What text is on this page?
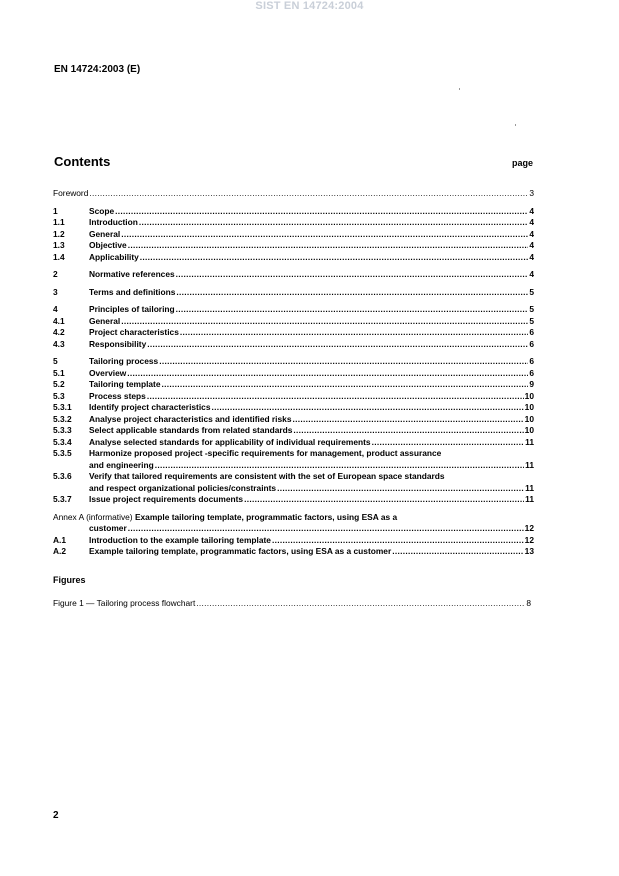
SIST EN 14724:2004
EN 14724:2003 (E)
Contents	page
Foreword .....	3
1	Scope .....	4
1.1	Introduction .....	4
1.2	General .....	4
1.3	Objective .....	4
1.4	Applicability .....	4
2	Normative references .....	4
3	Terms and definitions .....	5
4	Principles of tailoring .....	5
4.1	General .....	5
4.2	Project characteristics .....	6
4.3	Responsibility .....	6
5	Tailoring process .....	6
5.1	Overview .....	6
5.2	Tailoring template .....	9
5.3	Process steps .....	10
5.3.1 Identify project characteristics .....	10
5.3.2 Analyse project characteristics and identified risks .....	10
5.3.3 Select applicable standards from related standards .....	10
5.3.4 Analyse selected standards for applicability of individual requirements .....	11
5.3.5 Harmonize proposed project -specific requirements for management, product assurance
and engineering .....	11
5.3.6 Verify that tailored requirements are consistent with the set of European space standards
and respect organizational policies/constraints .....	11
5.3.7 Issue project requirements documents .....	11
Annex A (informative) Example tailoring template, programmatic factors, using ESA as a
customer .....	12
A.1	Introduction to the example tailoring template .....	12
A.2	Example tailoring template, programmatic factors, using ESA as a customer .....	13
Figures
Figure 1 — Tailoring process flowchart .....	8
2
